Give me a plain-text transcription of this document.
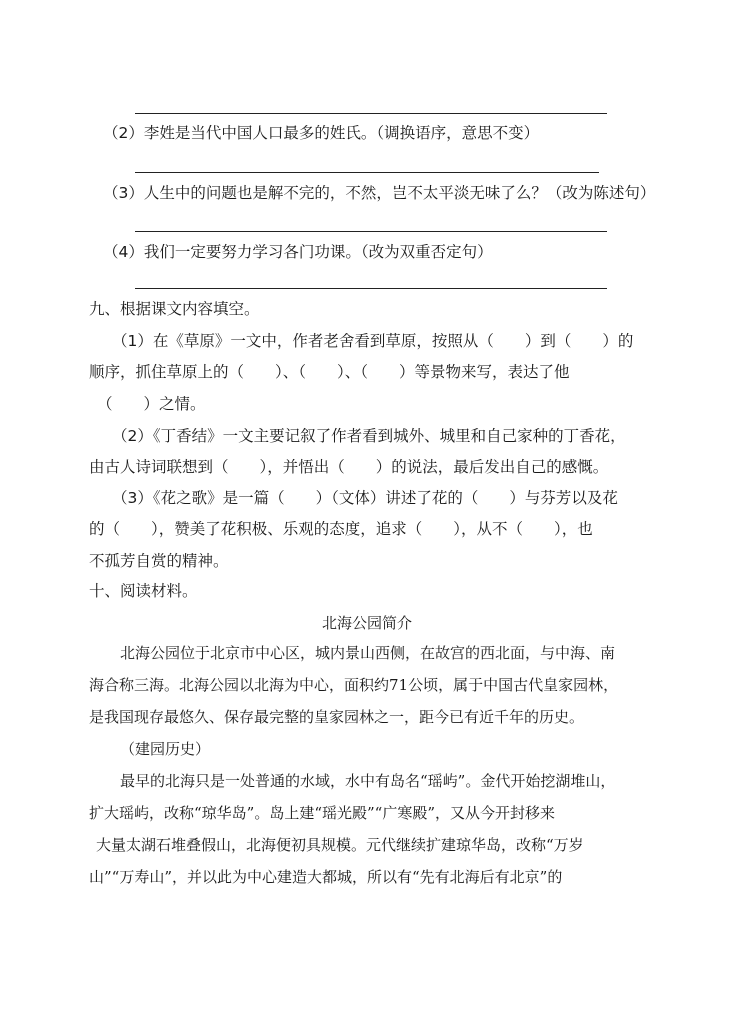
（2）李姓是当代中国人口最多的姓氏。（调换语序，意思不变）
（3）人生中的问题也是解不完的，不然，岂不太平淡无味了么？（改为陈述句）
（4）我们一定要努力学习各门功课。（改为双重否定句）
九、根据课文内容填空。
（1）在《草原》一文中，作者老舍看到草原，按照从（　　）到（　　）的
顺序，抓住草原上的（　　）、（　　）、（　　）等景物来写，表达了他
（　　）之情。
（2）《丁香结》一文主要记叙了作者看到城外、城里和自己家种的丁香花，
由古人诗词联想到（　　），并悟出（　　）的说法，最后发出自己的感慨。
（3）《花之歌》是一篇（　　）（文体）讲述了花的（　　）与芬芳以及花
的（　　），赞美了花积极、乐观的态度，追求（　　），从不（　　），也
不孤芳自赏的精神。
十、阅读材料。
北海公园简介
北海公园位于北京市中心区，城内景山西侧，在故宫的西北面，与中海、南
海合称三海。北海公园以北海为中心，面积约71公顷，属于中国古代皇家园林，
是我国现存最悠久、保存最完整的皇家园林之一，距今已有近千年的历史。
（建园历史）
最早的北海只是一处普通的水域，水中有岛名“瑶屿”。金代开始挖湖堆山，
扩大瑶屿，改称“琼华岛”。岛上建“瑶光殿”“广寒殿”，又从今开封移来
大量太湖石堆叠假山，北海便初具规模。元代继续扩建琼华岛，改称“万岁
山”“万寿山”，并以此为中心建造大都城，所以有“先有北海后有北京”的
